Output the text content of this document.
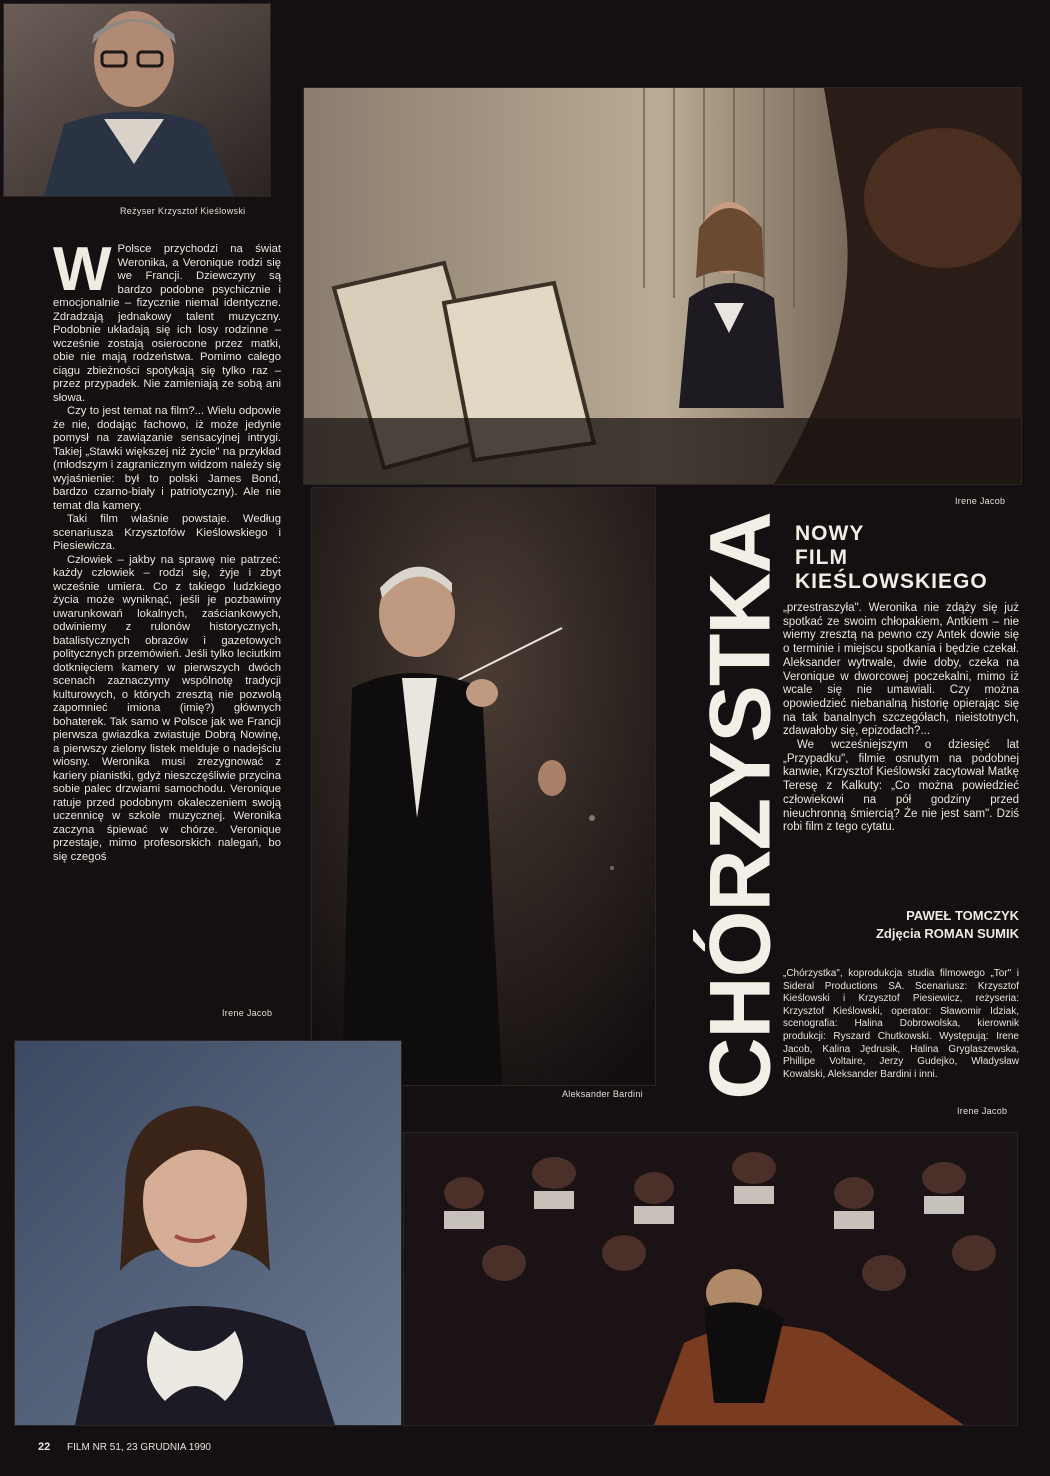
Reżyser Krzysztof Kieślowski
Irene Jacob
W Polsce przychodzi na świat Weronika, a Veronique rodzi się we Francji. Dziewczyny są bardzo podobne psychicznie i emocjonalnie – fizycznie niemal identyczne. Zdradzają jednakowy talent muzyczny. Podobnie układają się ich losy rodzinne – wcześnie zostają osierocone przez matki, obie nie mają rodzeństwa. Pomimo całego ciągu zbieżności spotykają się tylko raz – przez przypadek. Nie zamieniają ze sobą ani słowa.

Czy to jest temat na film?... Wielu odpowie że nie, dodając fachowo, iż może jedynie pomysł na zawiązanie sensacyjnej intrygi. Takiej „Stawki większej niż życie" na przykład (młodszym i zagranicznym widzom należy się wyjaśnienie: był to polski James Bond, bardzo czarno-biały i patriotyczny). Ale nie temat dla kamery.

Taki film właśnie powstaje. Według scenariusza Krzysztofów Kieślowskiego i Piesiewicza.

Człowiek – jakby na sprawę nie patrzeć: każdy człowiek – rodzi się, żyje i zbyt wcześnie umiera. Co z takiego ludzkiego życia może wyniknąć, jeśli je pozbawimy uwarunkowań lokalnych, zaściankowych, odwiniemy z rulonów historycznych, batalistycznych obrazów i gazetowych politycznych przemówień. Jeśli tylko leciutkim dotknięciem kamery w pierwszych dwóch scenach zaznaczymy wspólnotę tradycji kulturowych, o których zresztą nie pozwolą zapomnieć imiona (imię?) głównych bohaterek. Tak samo w Polsce jak we Francji pierwsza gwiazdka zwiastuje Dobrą Nowinę, a pierwszy zielony listek melduje o nadejściu wiosny. Weronika musi zrezygnować z kariery pianistki, gdyż nieszczęśliwie przycina sobie palec drzwiami samochodu. Veronique ratuje przed podobnym okaleczeniem swoją uczennicę w szkole muzycznej. Weronika zaczyna śpiewać w chórze. Veronique przestaje, mimo profesorskich nalegań, bo się czegoś

Irene Jacob
Aleksander Bardini CHÓRZYSTKA NOWY
FILM
KIEŚLOWSKIEGO

„przestraszyła". Weronika nie zdąży się już spotkać ze swoim chłopakiem, Antkiem – nie wiemy zresztą na pewno czy Antek dowie się o terminie i miejscu spotkania i będzie czekał. Aleksander wytrwale, dwie doby, czeka na Veronique w dworcowej poczekalni, mimo iż wcale się nie umawiali. Czy można opowiedzieć niebanalną historię opierając się na tak banalnych szczegółach, nieistotnych, zdawałoby się, epizodach?...

We wcześniejszym o dziesięć lat „Przypadku", filmie osnutym na podobnej kanwie, Krzysztof Kieślowski zacytował Matkę Teresę z Kalkuty: „Co można powiedzieć człowiekowi na pół godziny przed nieuchronną śmiercią? Że nie jest sam". Dziś robi film z tego cytatu.

PAWEŁ TOMCZYK
Zdjęcia ROMAN SUMIK
„Chórzystka", koprodukcja studia filmowego „Tor" i Sideral Productions SA. Scenariusz: Krzysztof Kieślowski i Krzysztof Piesiewicz, reżyseria: Krzysztof Kieślowski, operator: Sławomir Idziak, scenografia: Halina Dobrowolska, kierownik produkcji: Ryszard Chutkowski. Występują: Irene Jacob, Kalina Jędrusik, Halina Gryglaszewska, Phillipe Voltaire, Jerzy Gudejko, Władysław Kowalski, Aleksander Bardini i inni.
Irene Jacob
22 FILM NR 51, 23 GRUDNIA 1990
